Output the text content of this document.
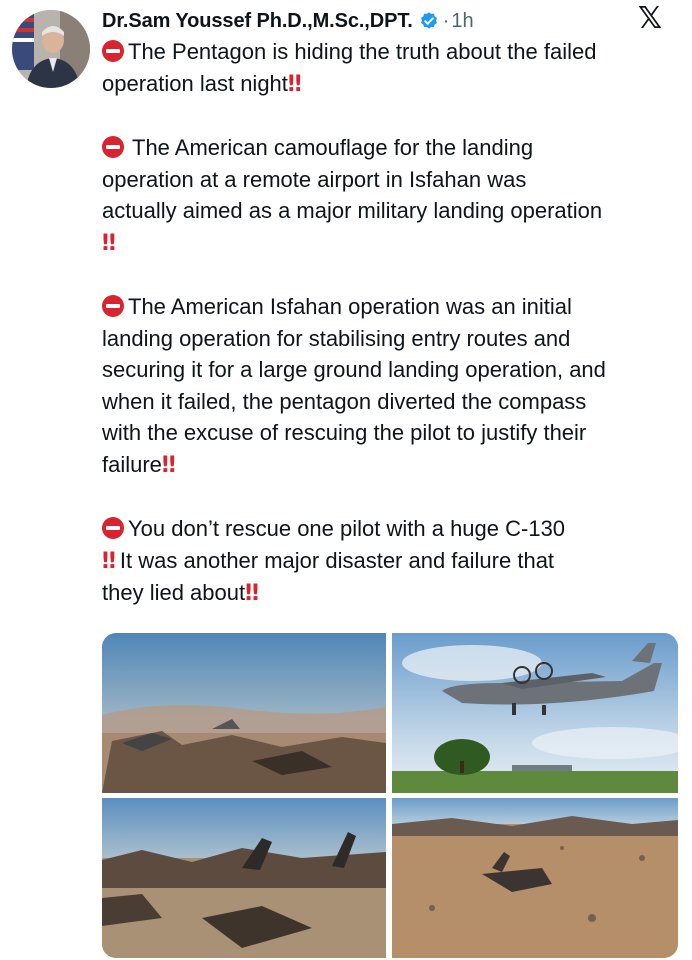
Dr.Sam Youssef Ph.D.,M.Sc.,DPT. · 1h	𝕏
The Pentagon is hiding the truth about the failed
operation last night‼
The American camouflage for the landing
operation at a remote airport in Isfahan was
actually aimed as a major military landing operation
‼
The American Isfahan operation was an initial
landing operation for stabilising entry routes and
securing it for a large ground landing operation, and
when it failed, the pentagon diverted the compass
with the excuse of rescuing the pilot to justify their
failure‼
You don’t rescue one pilot with a huge C-130
‼ It was another major disaster and failure that
they lied about‼
